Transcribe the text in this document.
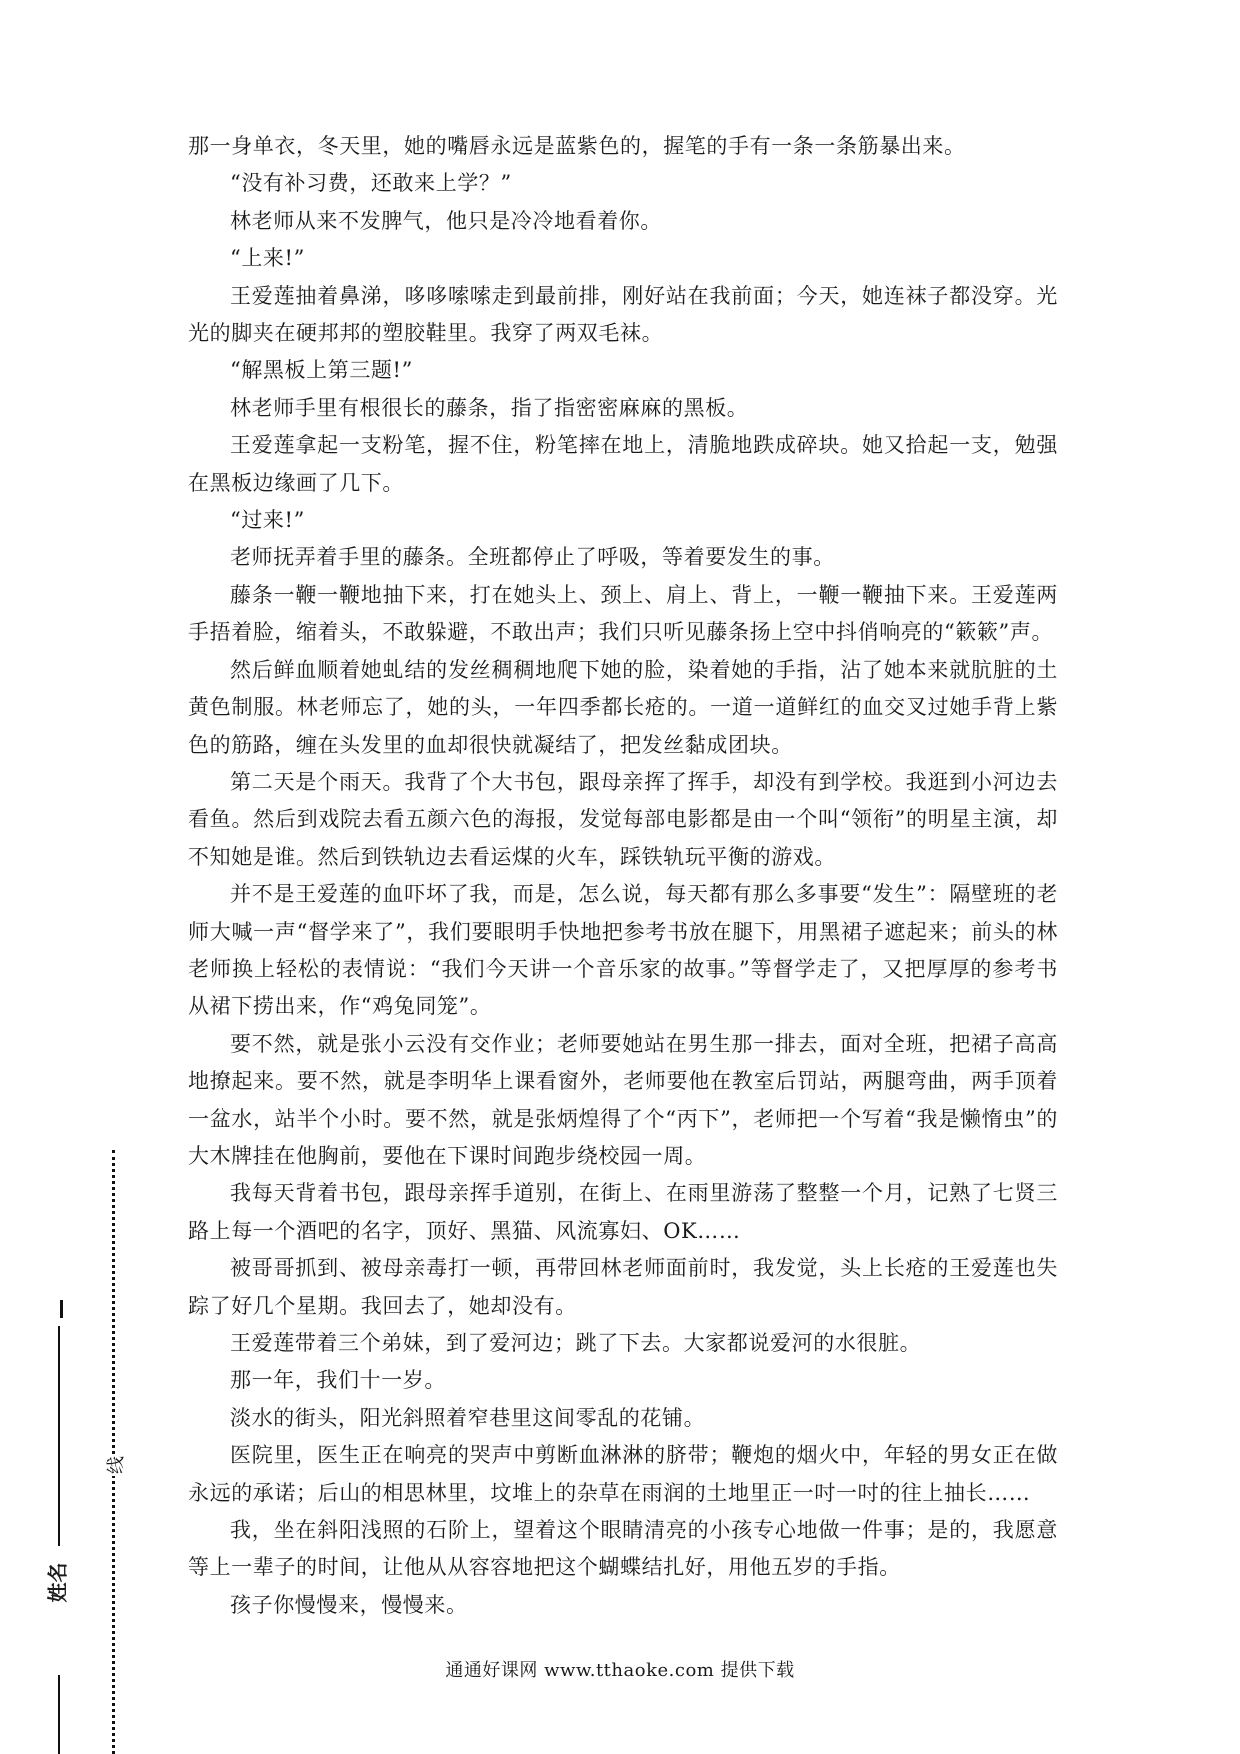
那一身单衣，冬天里，她的嘴唇永远是蓝紫色的，握笔的手有一条一条筋暴出来。

“没有补习费，还敢来上学？”

林老师从来不发脾气，他只是冷冷地看着你。

“上来!”

王爱莲抽着鼻涕，哆哆嗦嗦走到最前排，刚好站在我前面；今天，她连袜子都没穿。光光的脚夹在硬邦邦的塑胶鞋里。我穿了两双毛袜。

“解黑板上第三题!”

林老师手里有根很长的藤条，指了指密密麻麻的黑板。

王爱莲拿起一支粉笔，握不住，粉笔摔在地上，清脆地跌成碎块。她又拾起一支，勉强在黑板边缘画了几下。

“过来!”

老师抚弄着手里的藤条。全班都停止了呼吸，等着要发生的事。

藤条一鞭一鞭地抽下来，打在她头上、颈上、肩上、背上，一鞭一鞭抽下来。王爱莲两手捂着脸，缩着头，不敢躲避，不敢出声；我们只听见藤条扬上空中抖俏响亮的“簌簌”声。

然后鲜血顺着她虬结的发丝稠稠地爬下她的脸，染着她的手指，沾了她本来就肮脏的土黄色制服。林老师忘了，她的头，一年四季都长疮的。一道一道鲜红的血交叉过她手背上紫色的筋路，缠在头发里的血却很快就凝结了，把发丝黏成团块。

第二天是个雨天。我背了个大书包，跟母亲挥了挥手，却没有到学校。我逛到小河边去看鱼。然后到戏院去看五颜六色的海报，发觉每部电影都是由一个叫“领衔”的明星主演，却不知她是谁。然后到铁轨边去看运煤的火车，踩铁轨玩平衡的游戏。

并不是王爱莲的血吓坏了我，而是，怎么说，每天都有那么多事要“发生”：隔壁班的老师大喊一声“督学来了”，我们要眼明手快地把参考书放在腿下，用黑裙子遮起来；前头的林老师换上轻松的表情说：“我们今天讲一个音乐家的故事。”等督学走了，又把厚厚的参考书从裙下捞出来，作“鸡兔同笼”。

要不然，就是张小云没有交作业；老师要她站在男生那一排去，面对全班，把裙子高高地撩起来。要不然，就是李明华上课看窗外，老师要他在教室后罚站，两腿弯曲，两手顶着一盆水，站半个小时。要不然，就是张炳煌得了个“丙下”，老师把一个写着“我是懒惰虫”的大木牌挂在他胸前，要他在下课时间跑步绕校园一周。

我每天背着书包，跟母亲挥手道别，在街上、在雨里游荡了整整一个月，记熟了七贤三路上每一个酒吧的名字，顶好、黑猫、风流寡妇、OK……

被哥哥抓到、被母亲毒打一顿，再带回林老师面前时，我发觉，头上长疮的王爱莲也失踪了好几个星期。我回去了，她却没有。

王爱莲带着三个弟妹，到了爱河边；跳了下去。大家都说爱河的水很脏。

那一年，我们十一岁。

淡水的街头，阳光斜照着窄巷里这间零乱的花铺。

医院里，医生正在响亮的哭声中剪断血淋淋的脐带；鞭炮的烟火中，年轻的男女正在做永远的承诺；后山的相思林里，坟堆上的杂草在雨润的土地里正一吋一吋的往上抽长……

我，坐在斜阳浅照的石阶上，望着这个眼睛清亮的小孩专心地做一件事；是的，我愿意等上一辈子的时间，让他从从容容地把这个蝴蝶结扎好，用他五岁的手指。

孩子你慢慢来，慢慢来。

通通好课网 www.tthaoke.com 提供下载
线
姓名
